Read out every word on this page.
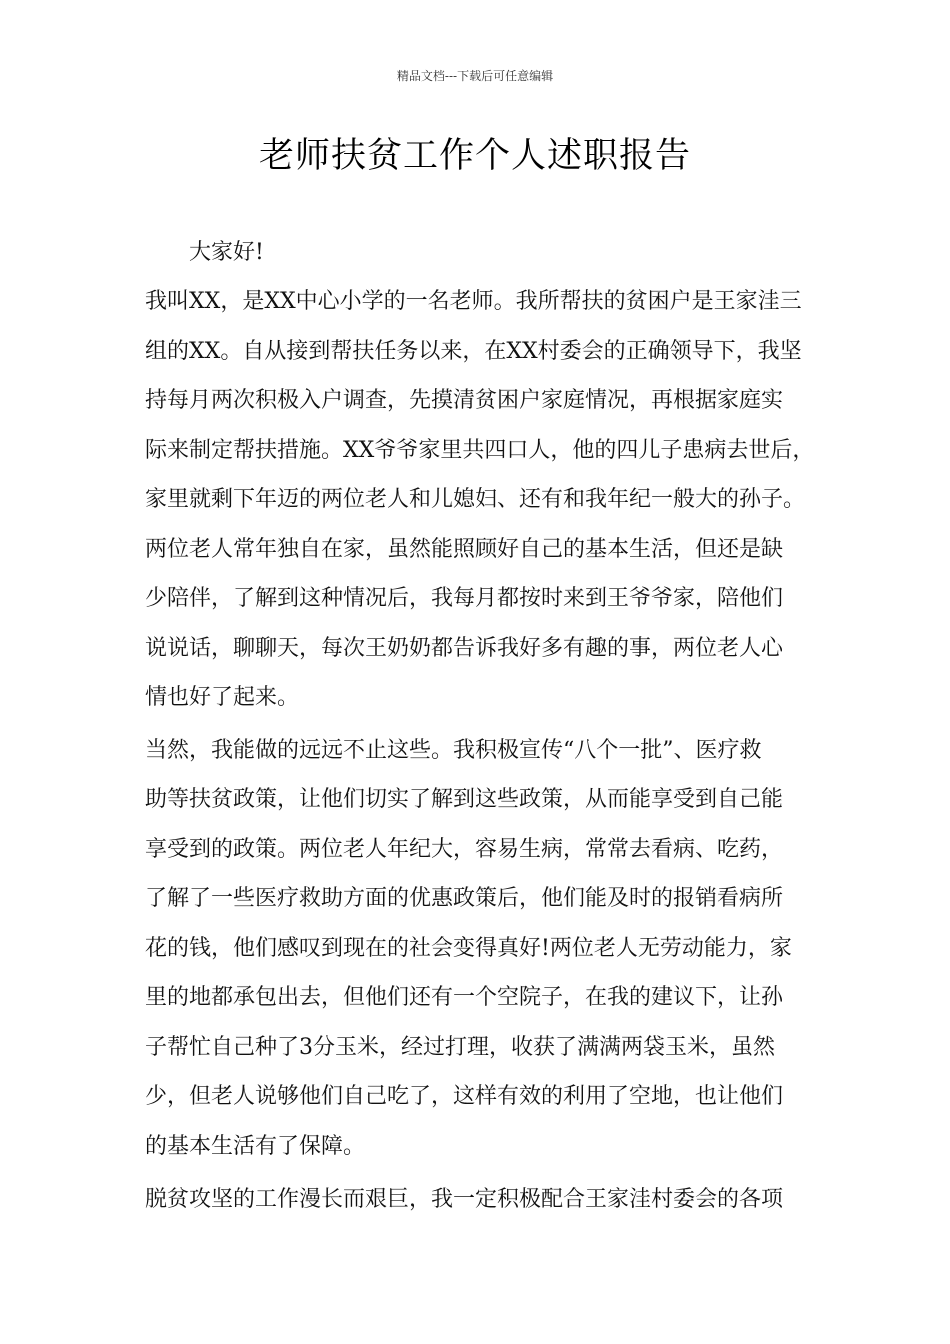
精品文档---下载后可任意编辑
老师扶贫工作个人述职报告
大家好!
我叫XX，是XX中心小学的一名老师。我所帮扶的贫困户是王家洼三
组的XX。自从接到帮扶任务以来，在XX村委会的正确领导下，我坚
持每月两次积极入户调查，先摸清贫困户家庭情况，再根据家庭实
际来制定帮扶措施。XX爷爷家里共四口人，他的四儿子患病去世后，
家里就剩下年迈的两位老人和儿媳妇、还有和我年纪一般大的孙子。
两位老人常年独自在家，虽然能照顾好自己的基本生活，但还是缺
少陪伴，了解到这种情况后，我每月都按时来到王爷爷家，陪他们
说说话，聊聊天，每次王奶奶都告诉我好多有趣的事，两位老人心
情也好了起来。
当然，我能做的远远不止这些。我积极宣传“八个一批”、医疗救
助等扶贫政策，让他们切实了解到这些政策，从而能享受到自己能
享受到的政策。两位老人年纪大，容易生病，常常去看病、吃药，
了解了一些医疗救助方面的优惠政策后，他们能及时的报销看病所
花的钱，他们感叹到现在的社会变得真好!两位老人无劳动能力，家
里的地都承包出去，但他们还有一个空院子，在我的建议下，让孙
子帮忙自己种了3分玉米，经过打理，收获了满满两袋玉米，虽然
少，但老人说够他们自己吃了，这样有效的利用了空地，也让他们
的基本生活有了保障。
脱贫攻坚的工作漫长而艰巨，我一定积极配合王家洼村委会的各项
